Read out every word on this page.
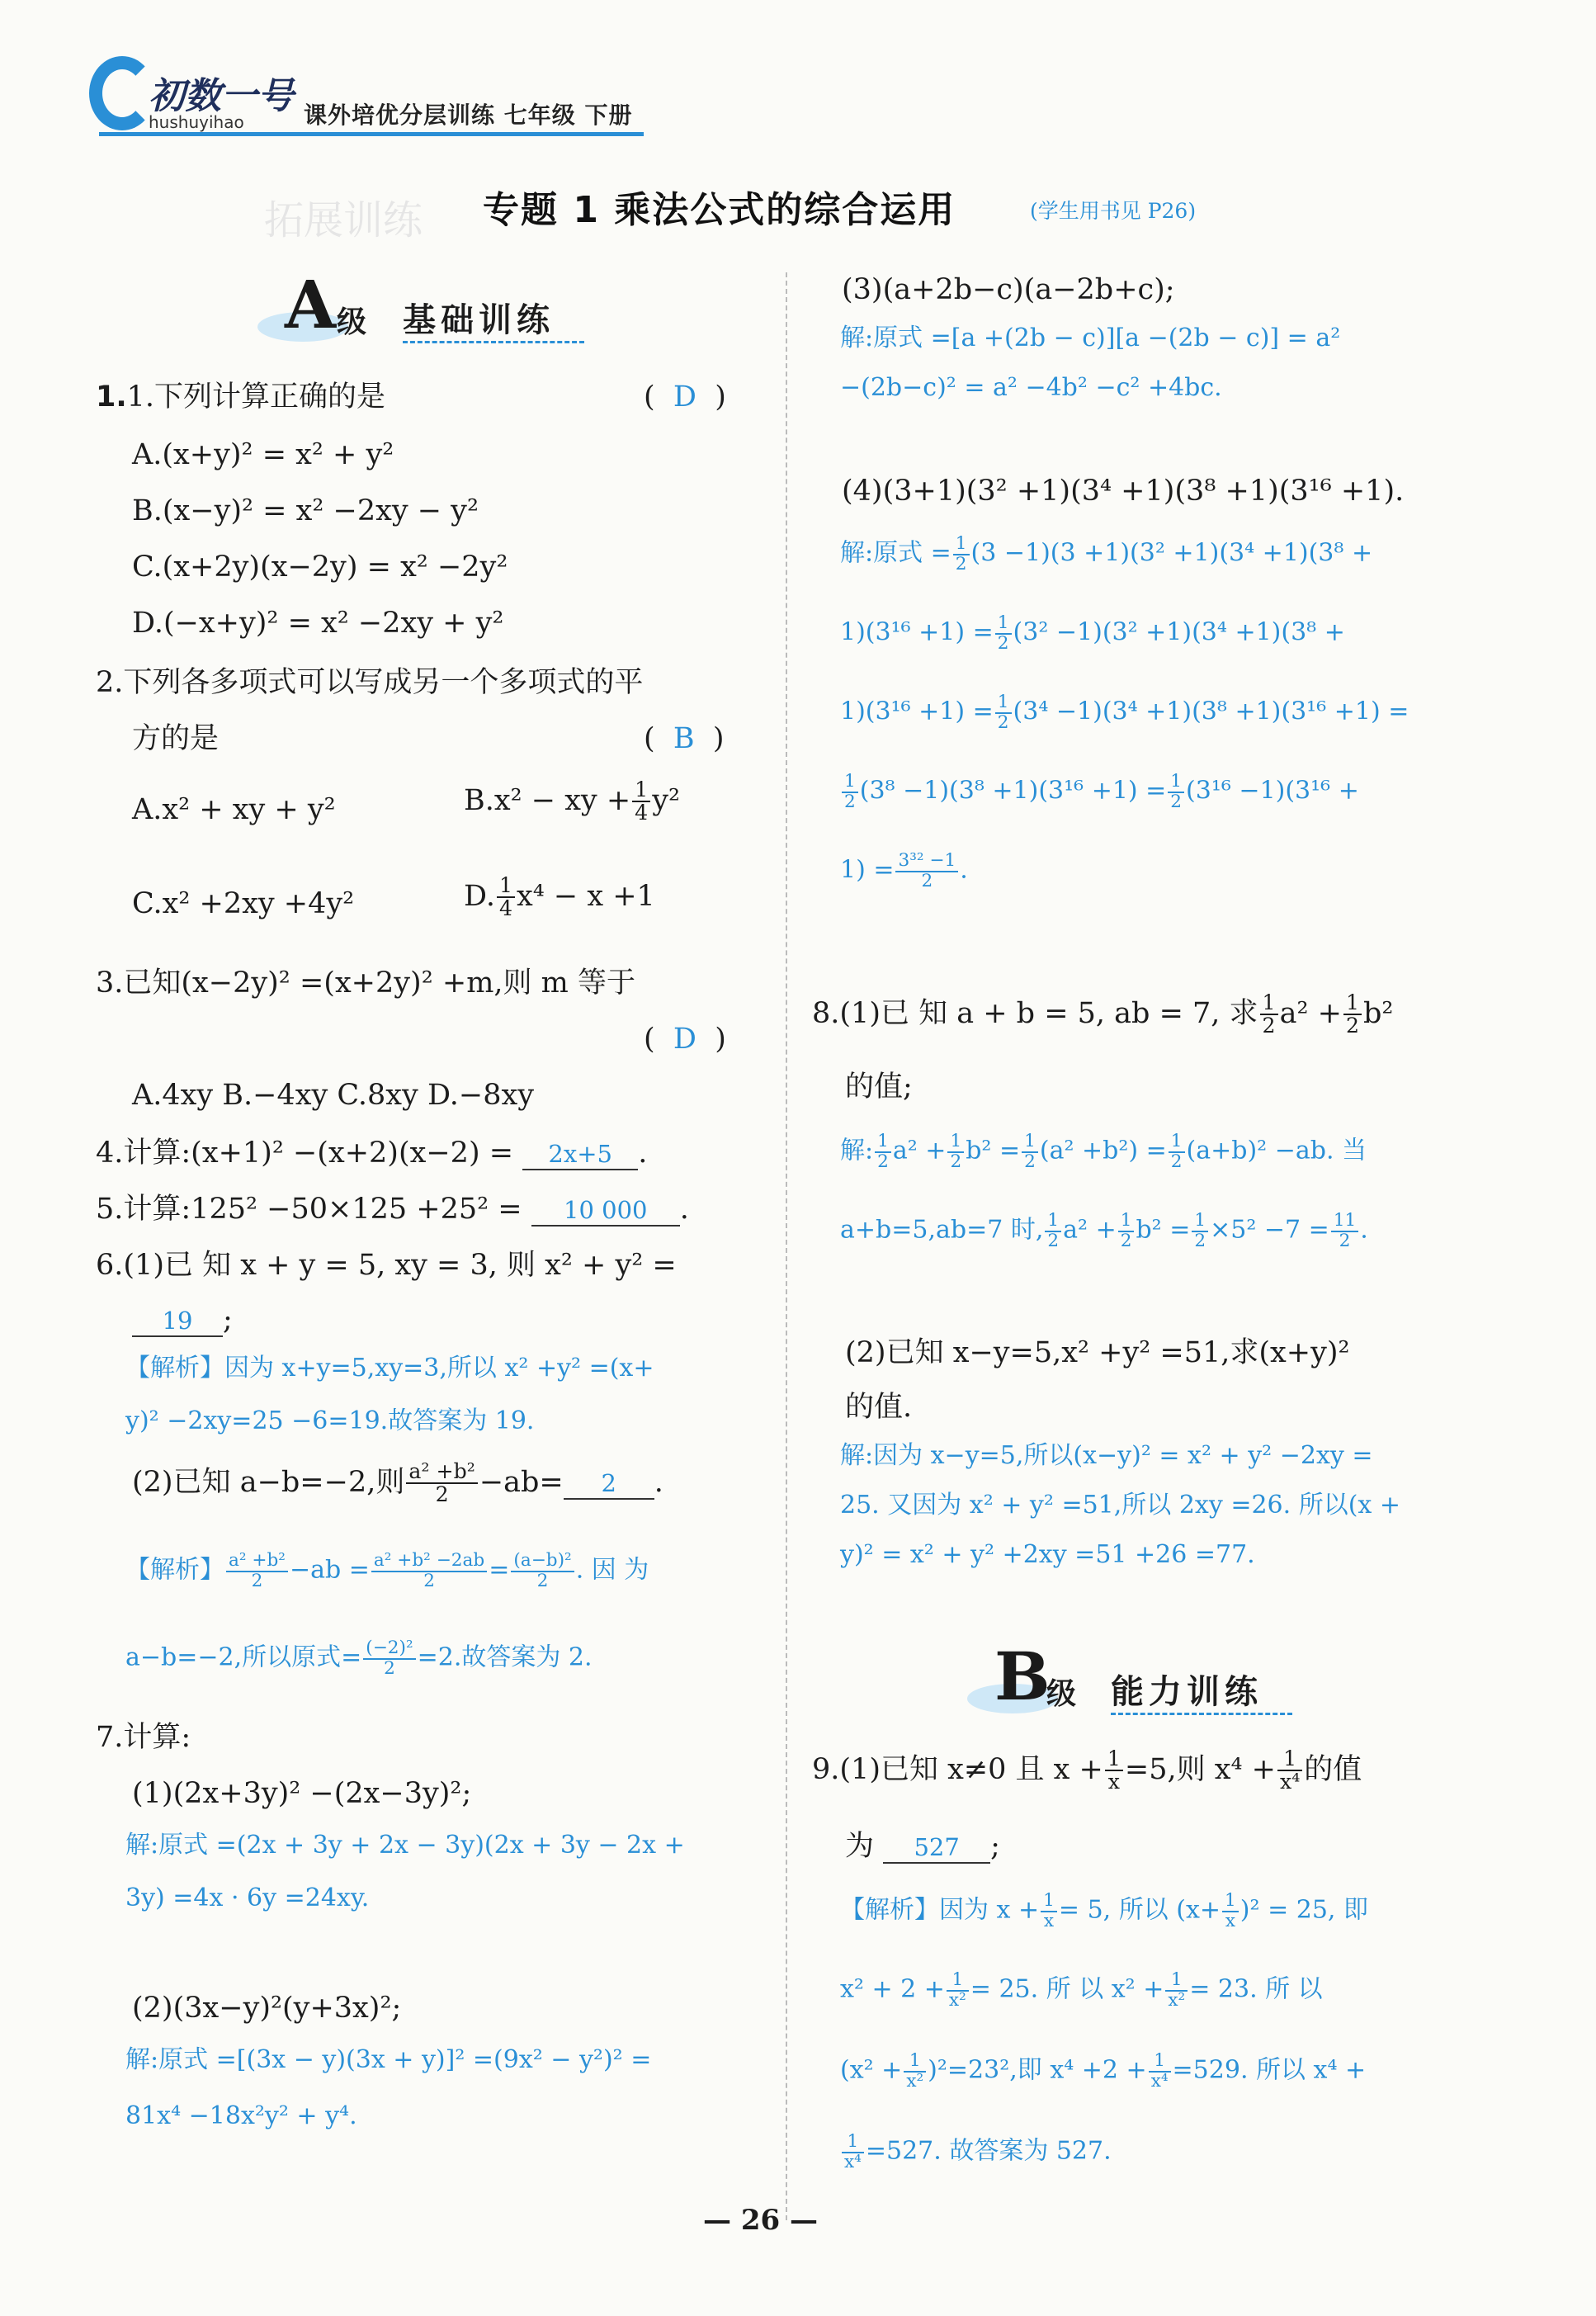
拓展训练
初数一号
hushuyihao	课外培优分层训练 七年级 下册
专题 1 乘法公式的综合运用	(学生用书见 P26)
A 级 基础训练
1.1.下列计算正确的是	(  D  )
A.(x+y)² = x² + y²
B.(x−y)² = x² −2xy − y²
C.(x+2y)(x−2y) = x² −2y²
D.(−x+y)² = x² −2xy + y²
2.下列各多项式可以写成另一个多项式的平
方的是	(  B  )
A.x² + xy + y²	B.x² − xy + $\frac{1}{4} y^2$
C.x² +2xy +4y²	D. $\frac{1}{4} x^4 - x +1$
3.已知(x−2y)² =(x+2y)² +m,则 m 等于
(  D  )
A.4xy B.−4xy C.8xy D.−8xy
4.计算:(x+1)² −(x+2)(x−2) = 2x+5 .
5.计算:125² −50×125 +25² = 10 000 .
6.(1)已 知 x + y = 5, xy = 3, 则 x² + y² =
19 ;
【解析】因为 x+y=5,xy=3,所以 x² +y² =(x+
y)² −2xy=25 −6=19.故答案为 19.
(2)已知 a−b=−2,则 $\frac{\text{a² +b²}}{2} -ab= 2$ .
【解析】 $\frac{\text{a² +b²}}{2} -ab = \frac{\text{a² +b² −2ab}}{2} = \frac{\text{(a−b)²}}{2}$ . 因 为
a−b=−2,所以原式= $\frac{\text{(−2)²}}{2} =2$.故答案为 2.
7.计算:
(1)(2x+3y)² −(2x−3y)²;
解:原式 =(2x + 3y + 2x − 3y)(2x + 3y − 2x +
3y) =4x · 6y =24xy.
(2)(3x−y)²(y+3x)²;
解:原式 =[(3x − y)(3x + y)]² =(9x² − y²)² =
81x⁴ −18x²y² + y⁴.
(3)(a+2b−c)(a−2b+c);
解:原式 =[a +(2b − c)][a −(2b − c)] = a²
−(2b−c)² = a² −4b² −c² +4bc.
(4)(3+1)(3² +1)(3⁴ +1)(3⁸ +1)(3¹⁶ +1).
解:原式 = $\frac{1}{2} (3 -1)(3 +1)(3^2 +1)(3^4 +1)(3^8$ +
$1)(3^{16} +1) = \frac{1}{2} (3^2 -1)(3^2 +1)(3^4 +1)(3^8$ +
$1)(3^{16} +1) = \frac{1}{2} (3^4 -1)(3^4 +1)(3^8 +1)(3^{16} +1)$ =
$\frac{1}{2} (3^8 -1)(3^8 +1)(3^{16} +1) = \frac{1}{2} (3^{16} -1)(3^{16}$ +
$1) = \frac{\text{3³² −1}}{2}$ .
8.(1)已 知 a + b = 5, ab = 7, 求 $\frac{1}{2} a^2 + \frac{1}{2} b^2$
的值;
解: $\frac{1}{2} a^2 + \frac{1}{2} b^2 = \frac{1}{2} (a^2 +b^2) = \frac{1}{2} (a+b)^2 -ab$. 当
a+b=5,ab=7 时, $\frac{1}{2} a^2 + \frac{1}{2} b^2 = \frac{1}{2} \times 5^2 -7 = \frac{11}{2}$ .
(2)已知 x−y=5,x² +y² =51,求(x+y)²
的值.
解:因为 x−y=5,所以(x−y)² = x² + y² −2xy =
25. 又因为 x² + y² =51,所以 2xy =26. 所以(x +
y)² = x² + y² +2xy =51 +26 =77.
B
级 能力训练
9.(1)已知 x≠0 且 $x + \frac{1}{x} =5$,则 $x^4 + \frac{1}{\text{x⁴}}$ 的值
为 527 ;
【解析】因为 $x + \frac{1}{x} = 5$, 所以 $(x+ \frac{1}{x} )^2 = 25$, 即
$x^2 + 2 + \frac{1}{\text{x²}} = 25$. 所 以 $x^2 + \frac{1}{\text{x²}} = 23$. 所 以
$(x^2 + \frac{1}{\text{x²}} )^2=23^2$,即 $x^4 +2 + \frac{1}{\text{x⁴}} =529$. 所以 x⁴ +
$\frac{1}{\text{x⁴}} =527$. 故答案为 527.
— 26 —
